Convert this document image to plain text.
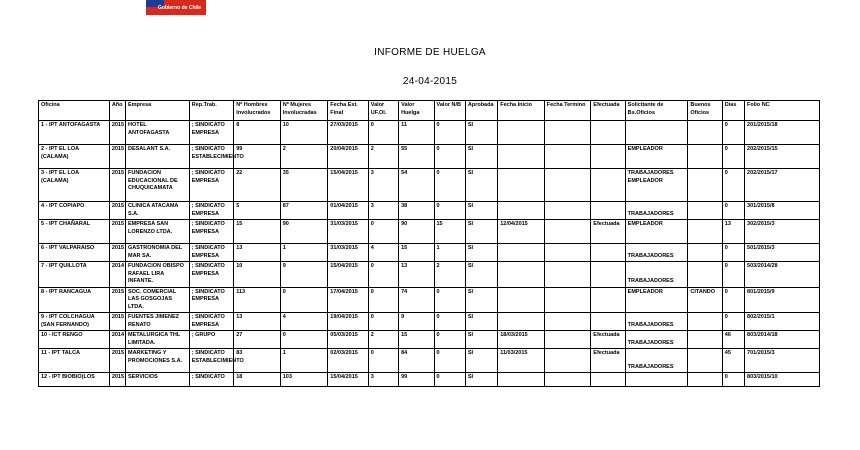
Gobierno de Chile
INFORME DE HUELGA
24-04-2015
Oficina	Año	Empresa	Rep.Trab.	Nº Hombres Involucrados	Nº Mujeres Involucradas	Fecha Est. Final	Valor UF.OI.	Valor Huelga	Valor N/B	Aprobada	Fecha Inicio	Fecha Termino	Efectuada	Solicitante de Bs.Oficios	Buenos Oficios	Días	Folio NC
1 - IPT ANTOFAGASTA	2015	HOTEL ANTOFAGASTA	; SINDICATO EMPRESA	8	10	27/03/2015	0	11	0	SI						0	201/2015/18
2 - IPT EL LOA (CALAMA)	2015	DESALANT S.A.	; SINDICATO ESTABLECIMIENTO	99	2	20/04/2015	2	55	0	SI				EMPLEADOR		0	202/2015/15
3 - IPT EL LOA (CALAMA)	2015	FUNDACION EDUCACIONAL DE CHUQUICAMATA	; SINDICATO EMPRESA	22	35	15/04/2015	3	54	0	SI				TRABAJADORES EMPLEADOR		0	202/2015/17
4 - IPT COPIAPO	2015	CLINICA ATACAMA S.A.	; SINDICATO EMPRESA	5	87	01/04/2015	3	38	0	SI				TRABAJADORES		0	301/2015/8
5 - IPT CHAÑARAL	2015	EMPRESA SAN LORENZO LTDA.	; SINDICATO EMPRESA	15	90	31/03/2015	0	90	15	SI	12/04/2015		Efectuada	EMPLEADOR		13	302/2015/3
6 - IPT VALPARAISO	2015	GASTRONOMIA DEL MAR SA.	; SINDICATO EMPRESA	13	1	31/03/2015	4	15	1	SI				TRABAJADORES		0	501/2015/3
7 - IPT QUILLOTA	2014	FUNDACION OBISPO RAFAEL LIRA INFANTE.	; SINDICATO EMPRESA	10	9	15/04/2015	0	13	2	SI				TRABAJADORES		0	503/2014/28
8 - IPT RANCAGUA	2015	SOC. COMERCIAL LAS GOSGOJAS LTDA.	; SINDICATO EMPRESA	113	0	17/04/2015	0	74	0	SI				EMPLEADOR	CITANDO	0	801/2015/9
9 - IPT COLCHAGUA (SAN FERNANDO)	2015	FUENTES JIMENEZ RENATO	; SINDICATO EMPRESA	13	4	19/04/2015	0	9	0	SI				TRABAJADORES		0	802/2015/1
10 - ICT RENGO	2014	METALURGICA THL LIMITADA.	; GRUPO	27	0	05/03/2015	2	15	0	SI	18/03/2015		Efectuada	TRABAJADORES		46	803/2014/18
11 - IPT TALCA	2015	MARKETING Y PROMOCIONES S.A.	; SINDICATO ESTABLECIMIENTO	83	1	02/03/2015	0	84	0	SI	11/03/2015		Efectuada	TRABAJADORES		45	701/2015/3
12 - IPT BIOBIO(LOS	2015	SERVICIOS	; SINDICATO	18	103	15/04/2015	3	99	0	SI						0	803/2015/10
